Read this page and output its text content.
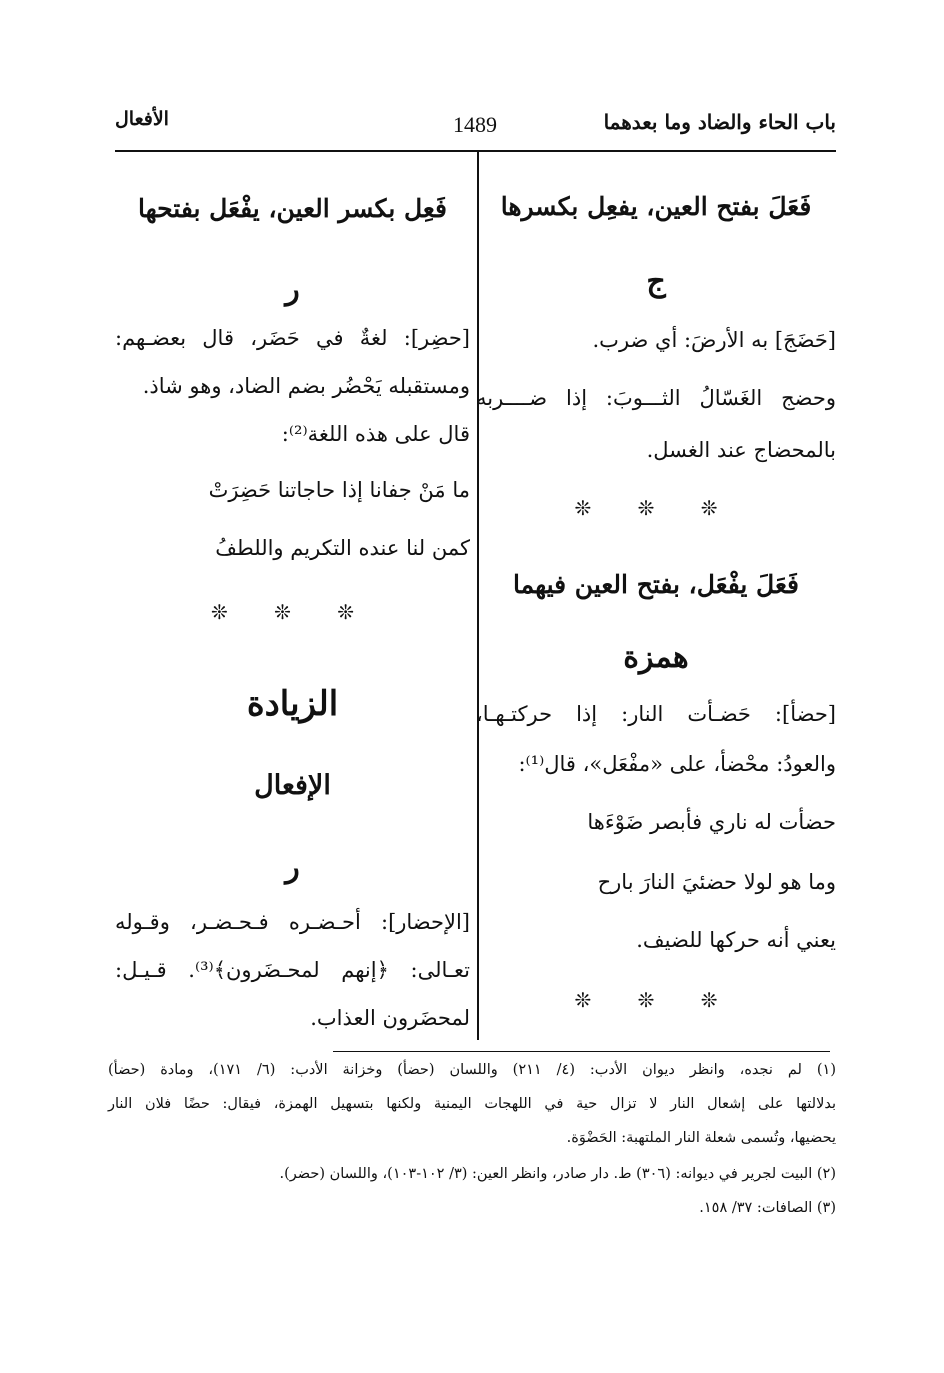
الأفعال	1489	باب الحاء والضاد وما بعدهما
فَعَلَ بفتح العين، يفعِل بكسرها
ج
[حَضَجَ] به الأرضَ: أي ضرب.
وحضج الغَسّالُ الثـــوبَ: إذا ضــــربه
بالمحضاج عند الغسل.
❊ ❊ ❊
فَعَلَ يفْعَل، بفتح العين فيهما
همزة
[حضأ]: حَضـأت النار: إذا حركتـهـا،
والعودُ: محْضأ، على «مفْعَل»، قال⁽¹⁾:
حضأت له ناري فأبصر ضَوْءَها
وما هو لولا حضئيَ النارَ بارح
يعني أنه حركها للضيف.
❊ ❊ ❊
فَعِل بكسر العين، يفْعَل بفتحها
ر
[حضِر]: لغةٌ في حَضَر، قال بعضـهم:
ومستقبله يَحْضُر بضم الضاد، وهو شاذ.
قال على هذه اللغة⁽²⁾:
ما مَنْ جفانا إذا حاجاتنا حَضِرَتْ
كمن لنا عنده التكريم واللطفُ
❊ ❊ ❊
الزيادة
الإفعال
ر
[الإحضار]: أحـضـره فـحـضـر، وقـوله
تعـالى: ﴿إنهم لمحـضَرون﴾⁽³⁾. قـيـل:
لمحضَرون العذاب.
(١) لم نجده، وانظر ديوان الأدب: (٤/ ٢١١) واللسان (حضأ) وخزانة الأدب: (٦/ ١٧١)، ومادة (حضأ)
بدلالتها على إشعال النار لا تزال حية في اللهجات اليمنية ولكنها بتسهيل الهمزة، فيقال: حضًا فلان النار
يحضيها، وتُسمى شعلة النار الملتهبة: الحَضْوَة.
(٢) البيت لجرير في ديوانه: (٣٠٦) ط. دار صادر، وانظر العين: (٣/ ١٠٢-١٠٣)، واللسان (حضر).
(٣) الصافات: ٣٧/ ١٥٨.
